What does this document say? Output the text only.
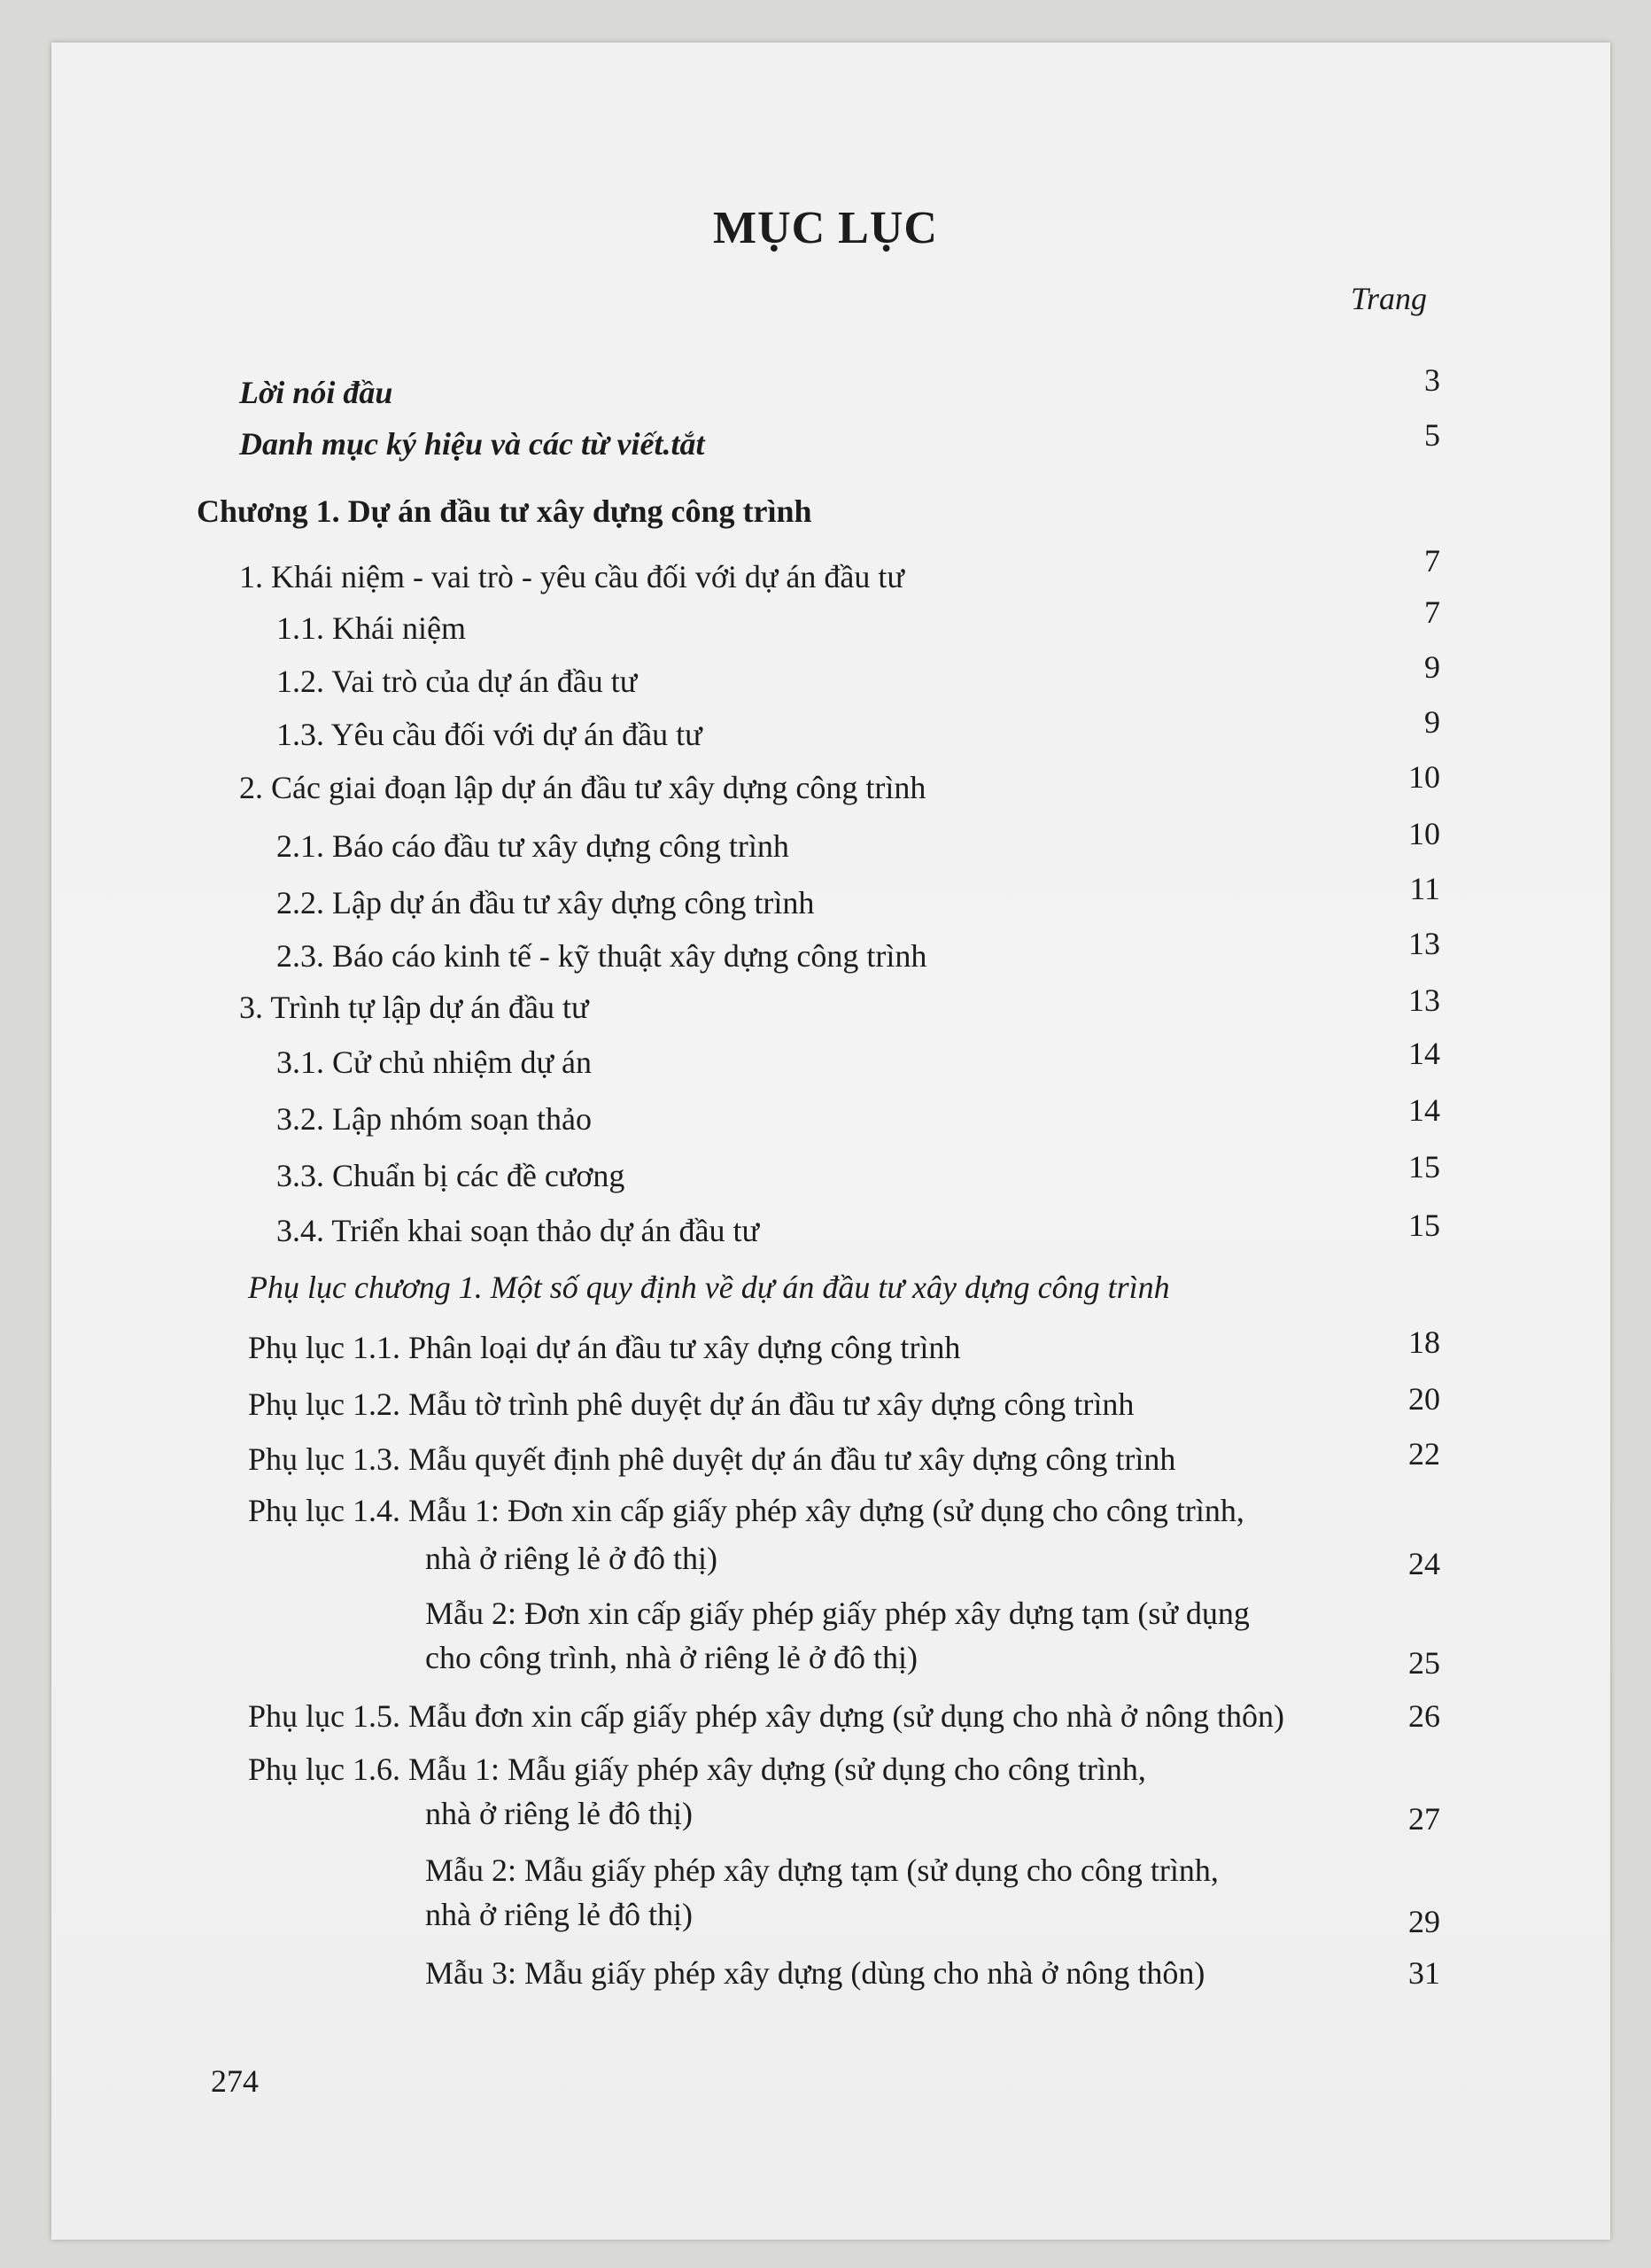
MỤC LỤC
Trang
Lời nói đầu	3
Danh mục ký hiệu và các từ viết.tắt	5
Chương 1. Dự án đầu tư xây dựng công trình
1. Khái niệm - vai trò - yêu cầu đối với dự án đầu tư	7
1.1. Khái niệm	7
1.2. Vai trò của dự án đầu tư	9
1.3. Yêu cầu đối với dự án đầu tư	9
2. Các giai đoạn lập dự án đầu tư xây dựng công trình	10
2.1. Báo cáo đầu tư xây dựng công trình	10
2.2. Lập dự án đầu tư xây dựng công trình	11
2.3. Báo cáo kinh tế - kỹ thuật xây dựng công trình	13
3. Trình tự lập dự án đầu tư	13
3.1. Cử chủ nhiệm dự án	14
3.2. Lập nhóm soạn thảo	14
3.3. Chuẩn bị các đề cương	15
3.4. Triển khai soạn thảo dự án đầu tư	15
Phụ lục chương 1. Một số quy định về dự án đầu tư xây dựng công trình
Phụ lục 1.1. Phân loại dự án đầu tư xây dựng công trình	18
Phụ lục 1.2. Mẫu tờ trình phê duyệt dự án đầu tư xây dựng công trình	20
Phụ lục 1.3. Mẫu quyết định phê duyệt dự án đầu tư xây dựng công trình	22
Phụ lục 1.4. Mẫu 1: Đơn xin cấp giấy phép xây dựng (sử dụng cho công trình,
nhà ở riêng lẻ ở đô thị)	24
Mẫu 2: Đơn xin cấp giấy phép giấy phép xây dựng tạm (sử dụng
cho công trình, nhà ở riêng lẻ ở đô thị)	25
Phụ lục 1.5. Mẫu đơn xin cấp giấy phép xây dựng (sử dụng cho nhà ở nông thôn)	26
Phụ lục 1.6. Mẫu 1: Mẫu giấy phép xây dựng (sử dụng cho công trình,
nhà ở riêng lẻ đô thị)	27
Mẫu 2: Mẫu giấy phép xây dựng tạm (sử dụng cho công trình,
nhà ở riêng lẻ đô thị)	29
Mẫu 3: Mẫu giấy phép xây dựng (dùng cho nhà ở nông thôn)	31
274
